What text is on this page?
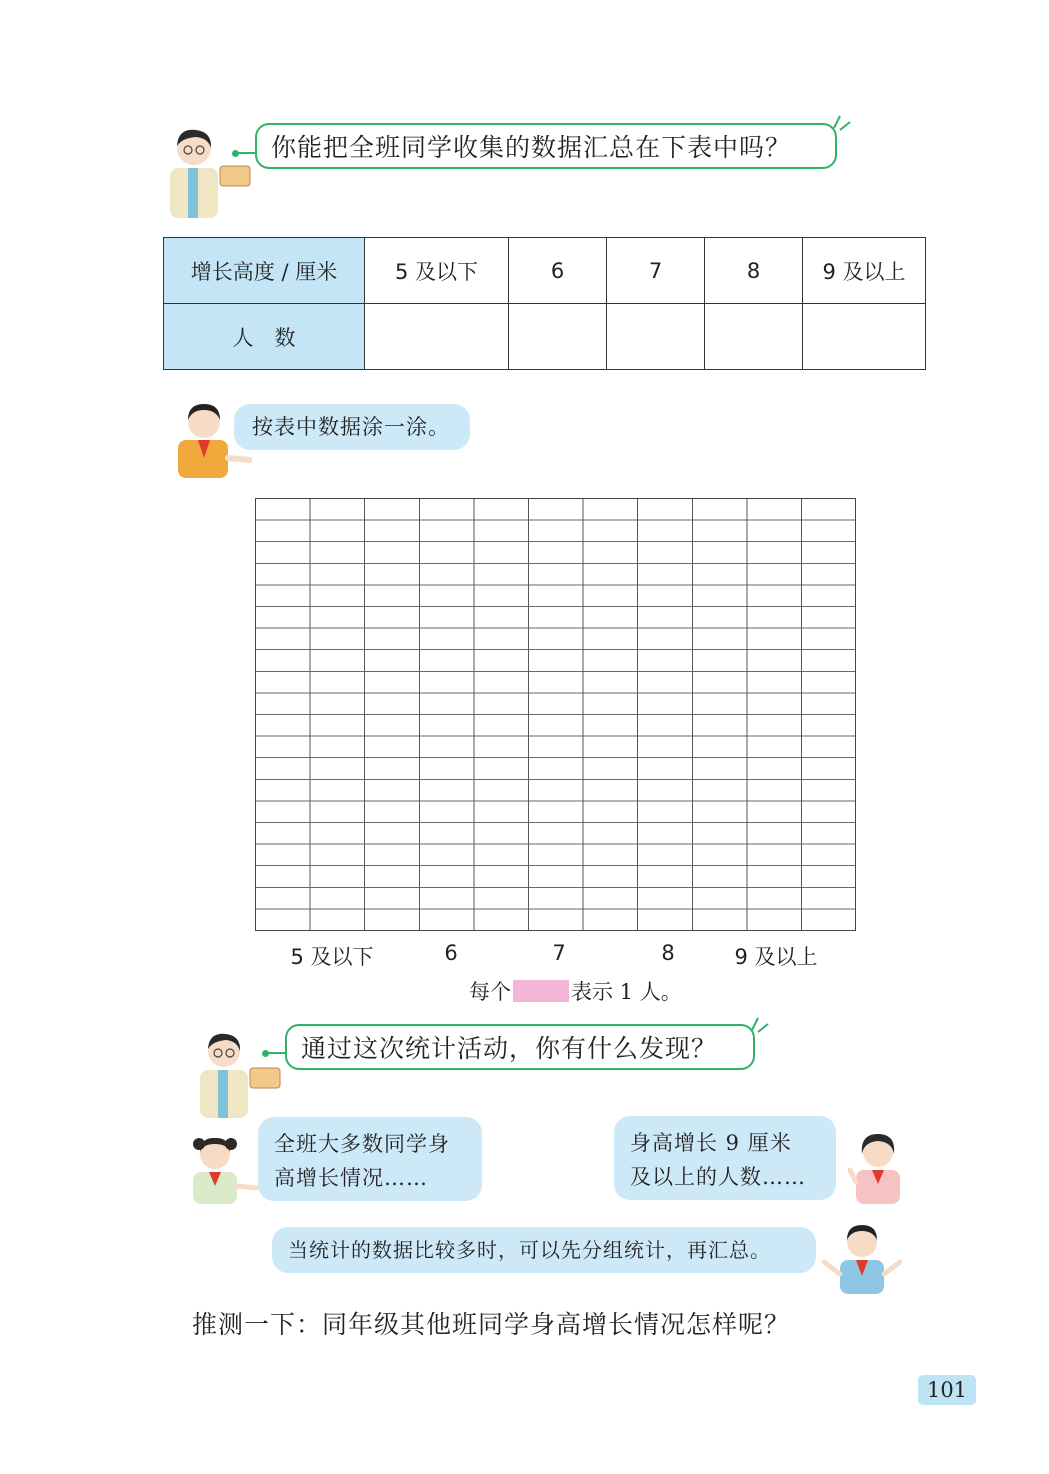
你能把全班同学收集的数据汇总在下表中吗？
增长高度 / 厘米	5 及以下	6	7	8	9 及以上
人　数					
按表中数据涂一涂。
5 及以下	6	7	8	9 及以上
每个	表示 1 人。
通过这次统计活动，你有什么发现？
全班大多数同学身
高增长情况……
身高增长 9 厘米
及以上的人数……
当统计的数据比较多时，可以先分组统计，再汇总。
推测一下：同年级其他班同学身高增长情况怎样呢？
101
